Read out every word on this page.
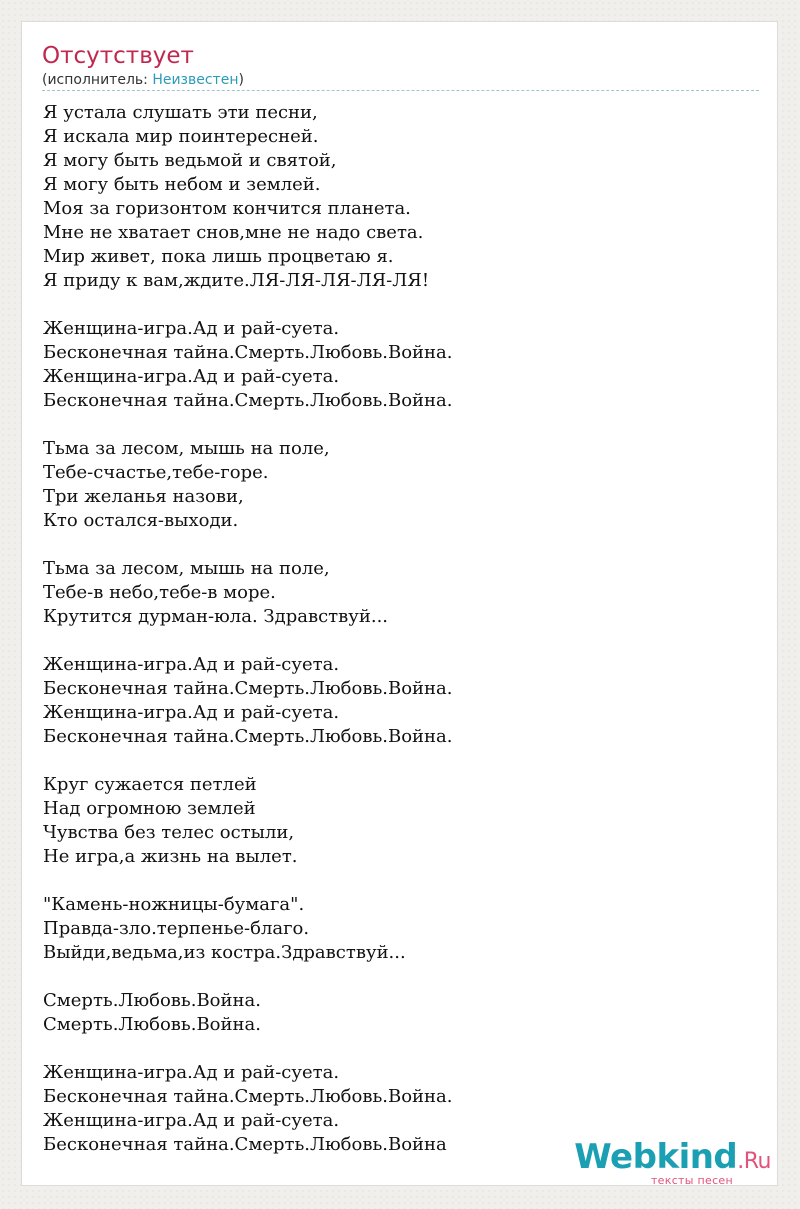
Отсутствует
(исполнитель: Неизвестен)
Я устала слушать эти песни,
Я искала мир поинтересней.
Я могу быть ведьмой и святой,
Я могу быть небом и землей.
Моя за горизонтом кончится планета.
Мне не хватает снов,мне не надо света.
Мир живет, пока лишь процветаю я.
Я приду к вам,ждите.ЛЯ-ЛЯ-ЛЯ-ЛЯ-ЛЯ!
Женщина-игра.Ад и рай-суета.
Бесконечная тайна.Смерть.Любовь.Война.
Женщина-игра.Ад и рай-суета.
Бесконечная тайна.Смерть.Любовь.Война.
Тьма за лесом, мышь на поле,
Тебе-счастье,тебе-горе.
Три желанья назови,
Кто остался-выходи.
Тьма за лесом, мышь на поле,
Тебе-в небо,тебе-в море.
Крутится дурман-юла. Здравствуй...
Женщина-игра.Ад и рай-суета.
Бесконечная тайна.Смерть.Любовь.Война.
Женщина-игра.Ад и рай-суета.
Бесконечная тайна.Смерть.Любовь.Война.
Круг сужается петлей
Над огромною землей
Чувства без телес остыли,
Не игра,а жизнь на вылет.
"Камень-ножницы-бумага".
Правда-зло.терпенье-благо.
Выйди,ведьма,из костра.Здравствуй...
Смерть.Любовь.Война.
Смерть.Любовь.Война.
Женщина-игра.Ад и рай-суета.
Бесконечная тайна.Смерть.Любовь.Война.
Женщина-игра.Ад и рай-суета.
Бесконечная тайна.Смерть.Любовь.Война	Webkind.Ru
тексты песен
